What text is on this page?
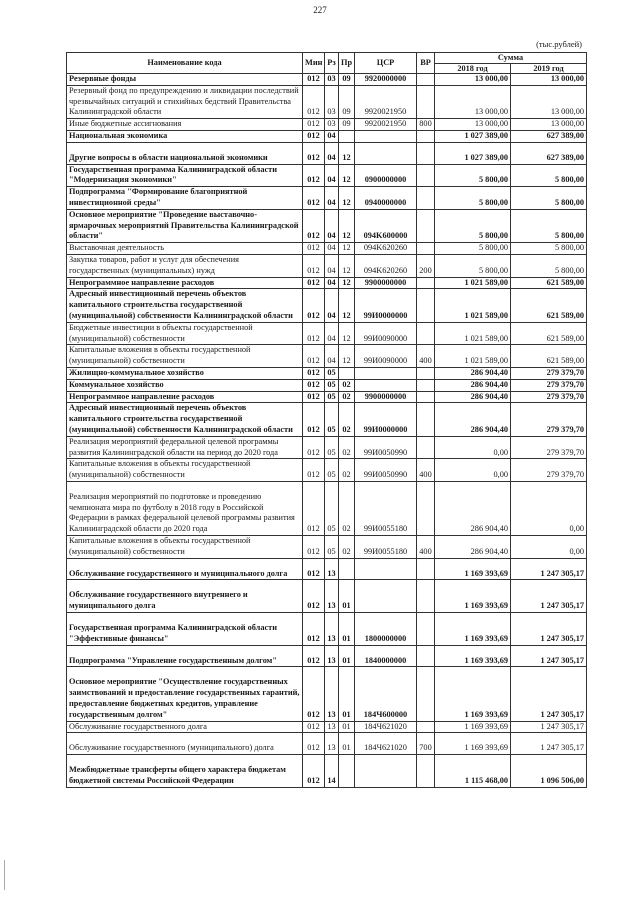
227
(тыс.рублей)
Наименование кода	Мин	Рз	Пр	ЦСР	ВР	Сумма	
						2018 год	2019 год
Резервные фонды	012	03	09	9920000000		13 000,00	13 000,00
Резервный фонд по предупреждению и ликвидации последствий чрезвычайных ситуаций и стихийных бедствий Правительства Калининградской области	012	03	09	9920021950		13 000,00	13 000,00
Иные бюджетные ассигнования	012	03	09	9920021950	800	13 000,00	13 000,00
Национальная экономика	012	04				1 027 389,00	627 389,00
Другие вопросы в области национальной экономики	012	04	12			1 027 389,00	627 389,00
Государственная программа Калининградской области "Модернизация экономики"	012	04	12	0900000000		5 800,00	5 800,00
Подпрограмма "Формирование благоприятной инвестиционной среды"	012	04	12	0940000000		5 800,00	5 800,00
Основное мероприятие "Проведение выставочно-ярмарочных мероприятий Правительства Калининградской области"	012	04	12	094K600000		5 800,00	5 800,00
Выставочная деятельность	012	04	12	094K620260		5 800,00	5 800,00
Закупка товаров, работ и услуг для обеспечения государственных (муниципальных) нужд	012	04	12	094K620260	200	5 800,00	5 800,00
Непрограммное направление расходов	012	04	12	9900000000		1 021 589,00	621 589,00
Адресный инвестиционный перечень объектов капитального строительства государственной (муниципальной) собственности Калининградской области	012	04	12	99И0000000		1 021 589,00	621 589,00
Бюджетные инвестиции в объекты государственной (муниципальной) собственности	012	04	12	99И0090000		1 021 589,00	621 589,00
Капитальные вложения в объекты государственной (муниципальной) собственности	012	04	12	99И0090000	400	1 021 589,00	621 589,00
Жилищно-коммунальное хозяйство	012	05				286 904,40	279 379,70
Коммунальное хозяйство	012	05	02			286 904,40	279 379,70
Непрограммное направление расходов	012	05	02	9900000000		286 904,40	279 379,70
Адресный инвестиционный перечень объектов капитального строительства государственной (муниципальной) собственности Калининградской области	012	05	02	99И0000000		286 904,40	279 379,70
Реализация мероприятий федеральной целевой программы развития Калининградской области на период до 2020 года	012	05	02	99И0050990		0,00	279 379,70
Капитальные вложения в объекты государственной (муниципальной) собственности	012	05	02	99И0050990	400	0,00	279 379,70
Реализация мероприятий по подготовке и проведению чемпионата мира по футболу в 2018 году в Российской Федерации в рамках федеральной целевой программы развития Калининградской области до 2020 года	012	05	02	99И0055180		286 904,40	0,00
Капитальные вложения в объекты государственной (муниципальной) собственности	012	05	02	99И0055180	400	286 904,40	0,00
Обслуживание государственного и муниципального долга	012	13				1 169 393,69	1 247 305,17
Обслуживание государственного внутреннего и муниципального долга	012	13	01			1 169 393,69	1 247 305,17
Государственная программа Калининградской области "Эффективные финансы"	012	13	01	1800000000		1 169 393,69	1 247 305,17
Подпрограмма "Управление государственным долгом"	012	13	01	1840000000		1 169 393,69	1 247 305,17
Основное мероприятие "Осуществление государственных заимствований и предоставление государственных гарантий, предоставление бюджетных кредитов, управление государственным долгом"	012	13	01	184Ч600000		1 169 393,69	1 247 305,17
Обслуживание государственного долга	012	13	01	184Ч621020		1 169 393,69	1 247 305,17
Обслуживание государственного (муниципального) долга	012	13	01	184Ч621020	700	1 169 393,69	1 247 305,17
Межбюджетные трансферты общего характера бюджетам бюджетной системы Российской Федерации	012	14				1 115 468,00	1 096 506,00
